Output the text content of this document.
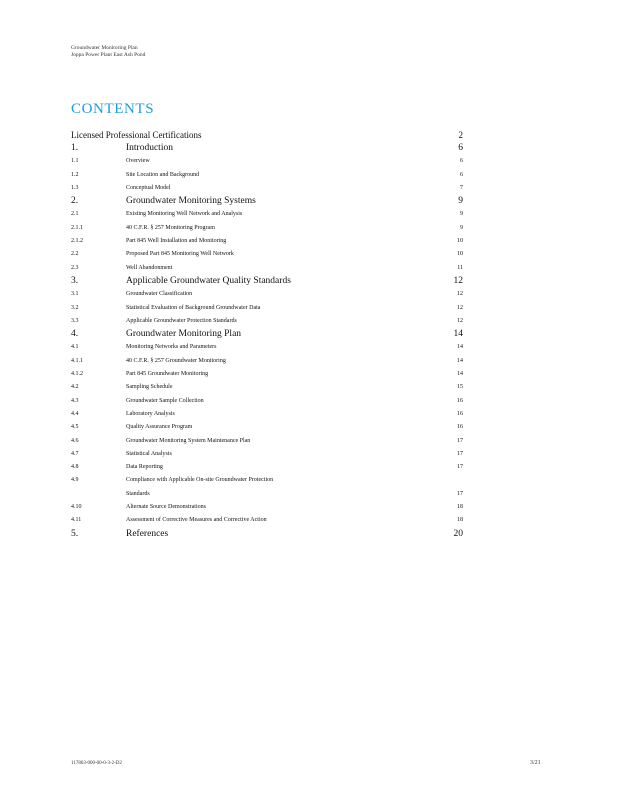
Groundwater Monitoring Plan
Joppa Power Plant East Ash Pond
CONTENTS
Licensed Professional Certifications	2
1.	Introduction	6
1.1	Overview	6
1.2	Site Location and Background	6
1.3	Conceptual Model	7
2.	Groundwater Monitoring Systems	9
2.1	Existing Monitoring Well Network and Analysis	9
2.1.1	40 C.F.R. § 257 Monitoring Program	9
2.1.2	Part 845 Well Installation and Monitoring	10
2.2	Proposed Part 845 Monitoring Well Network	10
2.3	Well Abandonment	11
3.	Applicable Groundwater Quality Standards	12
3.1	Groundwater Classification	12
3.2	Statistical Evaluation of Background Groundwater Data	12
3.3	Applicable Groundwater Protection Standards	12
4.	Groundwater Monitoring Plan	14
4.1	Monitoring Networks and Parameters	14
4.1.1	40 C.F.R. § 257 Groundwater Monitoring	14
4.1.2	Part 845 Groundwater Monitoring	14
4.2	Sampling Schedule	15
4.3	Groundwater Sample Collection	16
4.4	Laboratory Analysis	16
4.5	Quality Assurance Program	16
4.6	Groundwater Monitoring System Maintenance Plan	17
4.7	Statistical Analysis	17
4.8	Data Reporting	17
4.9	Compliance with Applicable On-site Groundwater Protection
Standards	17
4.10	Alternate Source Demonstrations	18
4.11	Assessment of Corrective Measures and Corrective Action	18
5.	References	20
117863-000-00-0-3-2-D2	3/21
